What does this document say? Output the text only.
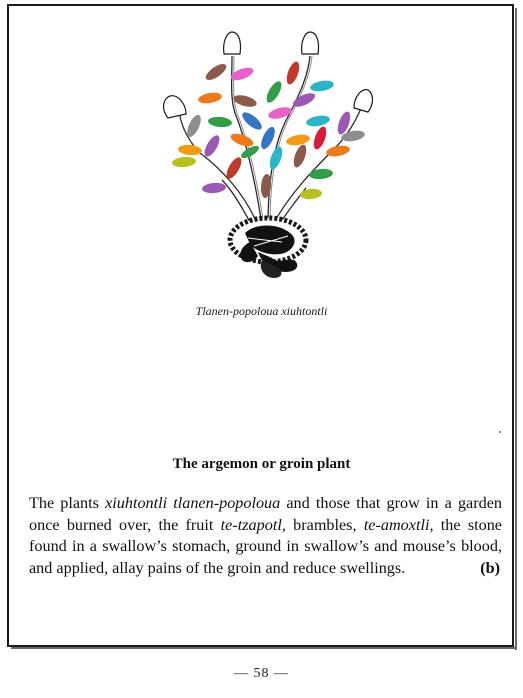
Tlanen-popoloua xiuhtontli
The argemon or groin plant
The plants xiuhtontli tlanen-popoloua and those that grow in a garden once burned over, the fruit te-tzapotl, brambles, te-amoxtli, the stone found in a swallow’s stomach, ground in swallow’s and mouse’s blood, and applied, allay pains of the groin and reduce swellings.	(b)
— 58 —
